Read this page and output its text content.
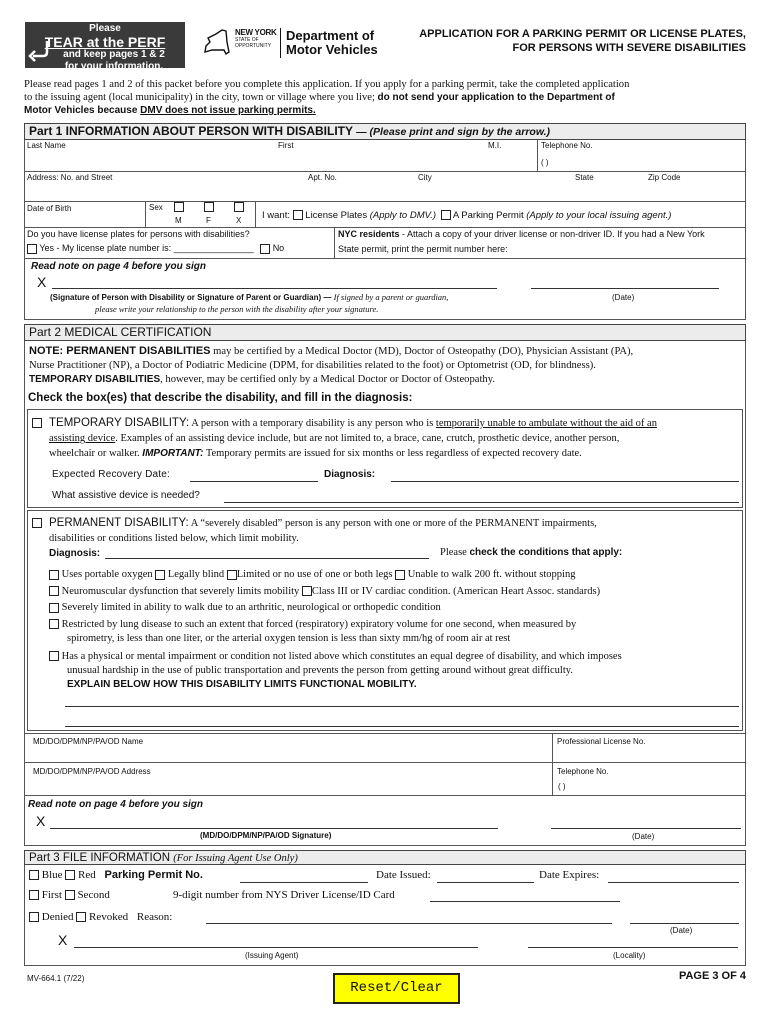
Please
TEAR at the PERF
and keep pages 1 & 2
for your information.
NEW YORK
STATE OF
OPPORTUNITY
Department of
Motor Vehicles
APPLICATION FOR A PARKING PERMIT OR LICENSE PLATES,
FOR PERSONS WITH SEVERE DISABILITIES
Please read pages 1 and 2 of this packet before you complete this application. If you apply for a parking permit, take the completed application
to the issuing agent (local municipality) in the city, town or village where you live; do not send your application to the Department of
Motor Vehicles because DMV does not issue parking permits.
Part 1 INFORMATION ABOUT PERSON WITH DISABILITY — (Please print and sign by the arrow.)
Last Name	First	M.I.	Telephone No.
( )
Address: No. and Street	Apt. No.	City	State	Zip Code
Date of Birth	Sex
M	F	X I want: License Plates (Apply to DMV.) A Parking Permit (Apply to your local issuing agent.)
Do you have license plates for persons with disabilities?
Yes - My license plate number is: ________________ No
NYC residents - Attach a copy of your driver license or non-driver ID. If you had a New York
State permit, print the permit number here:
Read note on page 4 before you sign
X
(Signature of Person with Disability or Signature of Parent or Guardian) — If signed by a parent or guardian,
please write your relationship to the person with the disability after your signature.
(Date)
Part 2 MEDICAL CERTIFICATION
NOTE: PERMANENT DISABILITIES may be certified by a Medical Doctor (MD), Doctor of Osteopathy (DO), Physician Assistant (PA),
Nurse Practitioner (NP), a Doctor of Podiatric Medicine (DPM, for disabilities related to the foot) or Optometrist (OD, for blindness).
TEMPORARY DISABILITIES, however, may be certified only by a Medical Doctor or Doctor of Osteopathy.
Check the box(es) that describe the disability, and fill in the diagnosis:
TEMPORARY DISABILITY: A person with a temporary disability is any person who is temporarily unable to ambulate without the aid of an
assisting device. Examples of an assisting device include, but are not limited to, a brace, cane, crutch, prosthetic device, another person,
wheelchair or walker. IMPORTANT: Temporary permits are issued for six months or less regardless of expected recovery date.
Expected Recovery Date:	Diagnosis:
What assistive device is needed?
PERMANENT DISABILITY: A “severely disabled” person is any person with one or more of the PERMANENT impairments,
disabilities or conditions listed below, which limit mobility.
Diagnosis:	Please check the conditions that apply:
Uses portable oxygen Legally blind Limited or no use of one or both legs Unable to walk 200 ft. without stopping
Neuromuscular dysfunction that severely limits mobility Class III or IV cardiac condition. (American Heart Assoc. standards)
Severely limited in ability to walk due to an arthritic, neurological or orthopedic condition
Restricted by lung disease to such an extent that forced (respiratory) expiratory volume for one second, when measured by
spirometry, is less than one liter, or the arterial oxygen tension is less than sixty mm/hg of room air at rest
Has a physical or mental impairment or condition not listed above which constitutes an equal degree of disability, and which imposes
unusual hardship in the use of public transportation and prevents the person from getting around without great difficulty.
EXPLAIN BELOW HOW THIS DISABILITY LIMITS FUNCTIONAL MOBILITY.
MD/DO/DPM/NP/PA/OD Name	Professional License No.
MD/DO/DPM/NP/PA/OD Address	Telephone No.
( )
Read note on page 4 before you sign
X
(MD/DO/DPM/NP/PA/OD Signature)	(Date)
Part 3 FILE INFORMATION (For Issuing Agent Use Only)
Blue Red Parking Permit No.	Date Issued:	Date Expires:
First Second	9-digit number from NYS Driver License/ID Card
Denied Revoked Reason:
(Date)
X
(Issuing Agent)	(Locality)
MV-664.1 (7/22)	PAGE 3 OF 4
Reset/Clear
